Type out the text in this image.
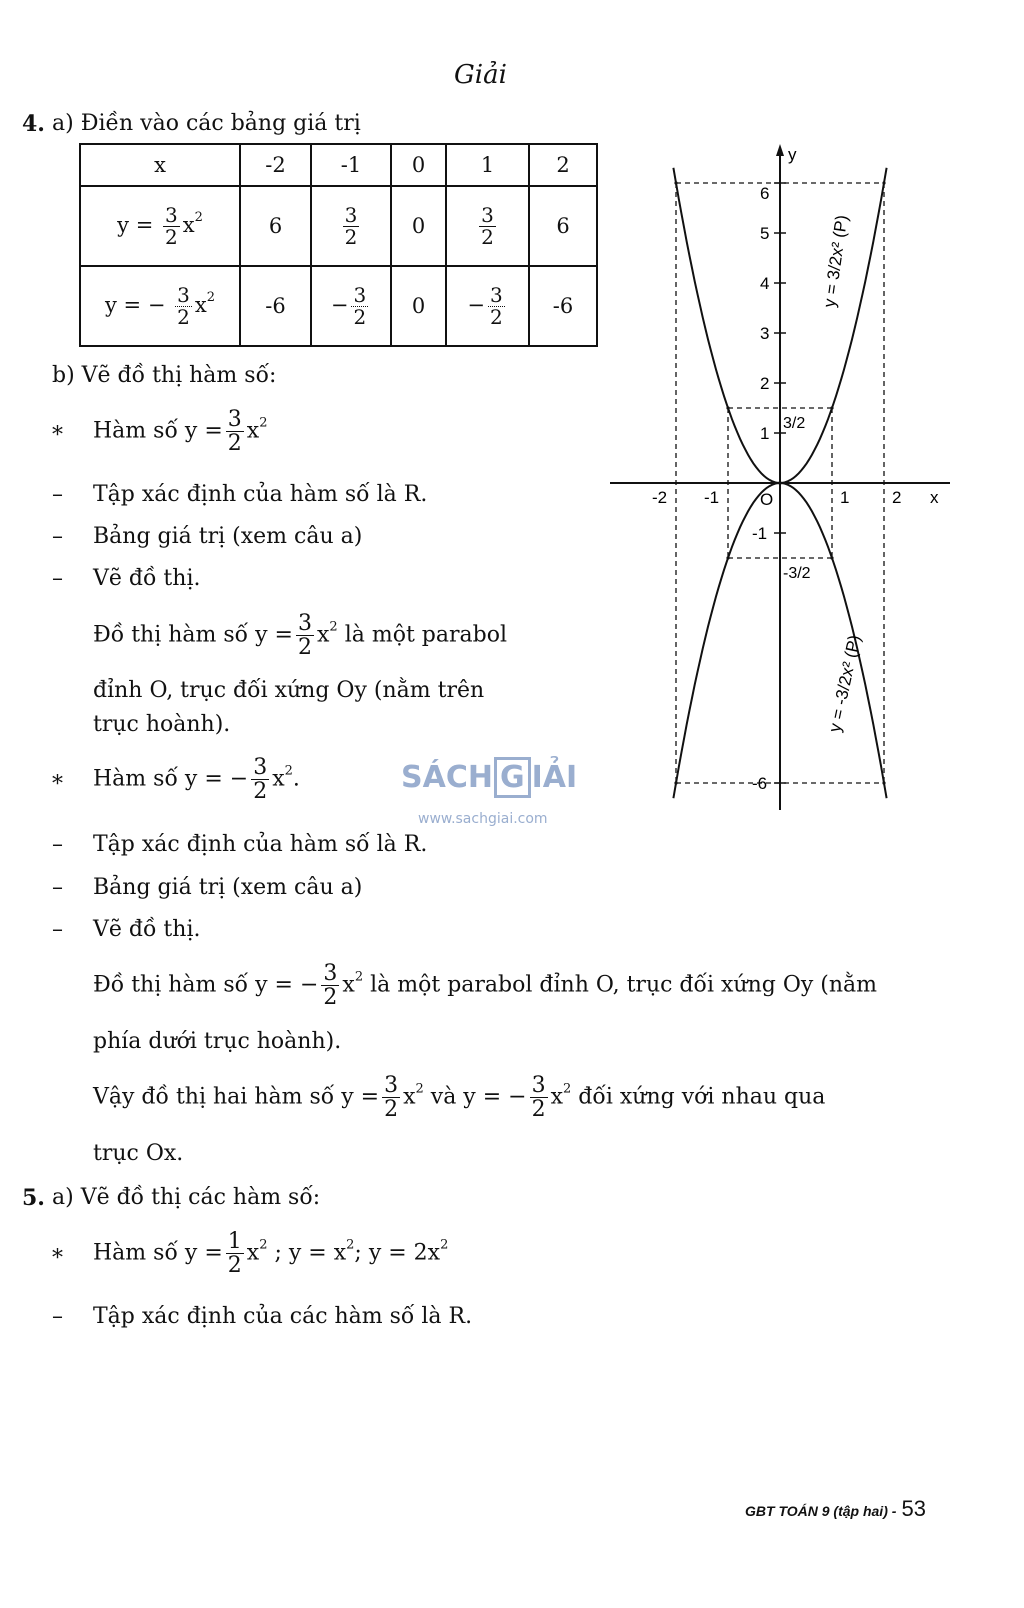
Giải
4. a) Điền vào các bảng giá trị
x	-2	-1	0	1	2
$y = \frac{3}{2} x^2$	6	$\frac{3}{2}$	0	$\frac{3}{2}$	6
y = − $\frac{3}{2} x^2$	-6	− $\frac{3}{2}$	0	− $\frac{3}{2}$	-6
b) Vẽ đồ thị hàm số:
* Hàm số $y = \frac{3}{2} x^2$
– Tập xác định của hàm số là R.
– Bảng giá trị (xem câu a)
– Vẽ đồ thị.
Đồ thị hàm số $y = \frac{3}{2} x^2$ là một parabol
đỉnh O, trục đối xứng Oy (nằm trên
trục hoành).
* Hàm số y = − $\frac{3}{2} x^2$.
– Tập xác định của hàm số là R.
– Bảng giá trị (xem câu a)
– Vẽ đồ thị.
Đồ thị hàm số y = − $\frac{3}{2} x^2$ là một parabol đỉnh O, trục đối xứng Oy (nằm
phía dưới trục hoành).
Vậy đồ thị hai hàm số $y = \frac{3}{2} x^2$ và y = − $\frac{3}{2} x^2$ đối xứng với nhau qua
trục Ox.
5. a) Vẽ đồ thị các hàm số:
* Hàm số $y = \frac{1}{2} x^2$ ; $y = x^2$; $y = 2x^2$
– Tập xác định của các hàm số là R.
SÁCH G IẢI
www.sachgiai.com
y
x
O
-2 -1	1	2
6
5
4
3
2
1
-1
-6
3/2
-3/2
y = 3/2x² (P)
y = -3/2x² (P)
GBT TOÁN 9 (tập hai) - 53
